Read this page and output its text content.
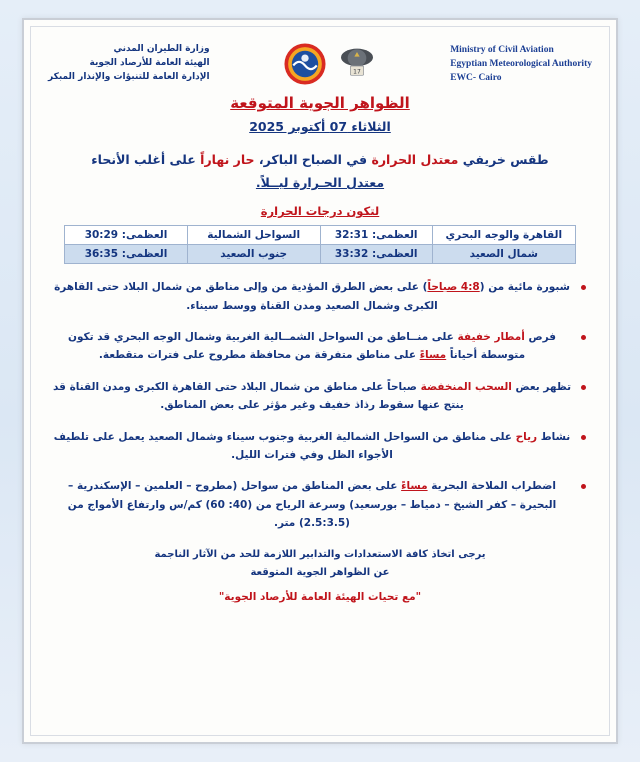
Ministry of Civil Aviation
Egyptian Meteorological Authority
EWC- Cairo
17
وزارة الطيران المدني
الهيئة العامة للأرصاد الجوية
الإدارة العامة للتنبؤات والإنذار المبكر
الظواهر الجوية المتوقعة
الثلاثاء 07 أكتوبر 2025
طقس خريفي معتدل الحرارة في الصباح الباكر، حار نهاراً على أغلب الأنحاء
معتدل الحـرارة ليــلاً.
لتكون درجات الحرارة
القاهرة والوجه البحري	العظمى: 32:31	السواحل الشمالية	العظمى: 30:29
شمال الصعيد	العظمى: 33:32	جنوب الصعيد	العظمى: 36:35
شبورة مائية من (4:8 صباحاً) على بعض الطرق المؤدية من وإلى مناطق من شمال البلاد حتى القاهرة الكبرى وشمال الصعيد ومدن القناة ووسط سيناء.
فرص أمطار خفيفة على منــاطق من السواحل الشمــالية الغربية وشمال الوجه البحري قد تكون متوسطة أحياناً مساءً على مناطق متفرقة من محافظة مطروح على فترات متقطعة.
تظهر بعض السحب المنخفضة صباحاً على مناطق من شمال البلاد حتى القاهرة الكبرى ومدن القناة قد ينتج عنها سقوط رذاذ خفيف وغير مؤثر على بعض المناطق.
نشاط رياح على مناطق من السواحل الشمالية الغربية وجنوب سيناء وشمال الصعيد يعمل على تلطيف الأجواء الظل وفي فترات الليل.
اضطراب الملاحة البحرية مساءً على بعض المناطق من سواحل (مطروح – العلمين – الإسكندرية – البحيرة – كفر الشيخ – دمياط – بورسعيد) وسرعة الرياح من (40: 60) كم/س وارتفاع الأمواج من (2.5:3.5) متر.
يرجى اتخاذ كافة الاستعدادات والتدابير اللازمة للحد من الآثار الناجمة
عن الظواهر الجوية المتوقعة
"مع تحيات الهيئة العامة للأرصاد الجوية"
